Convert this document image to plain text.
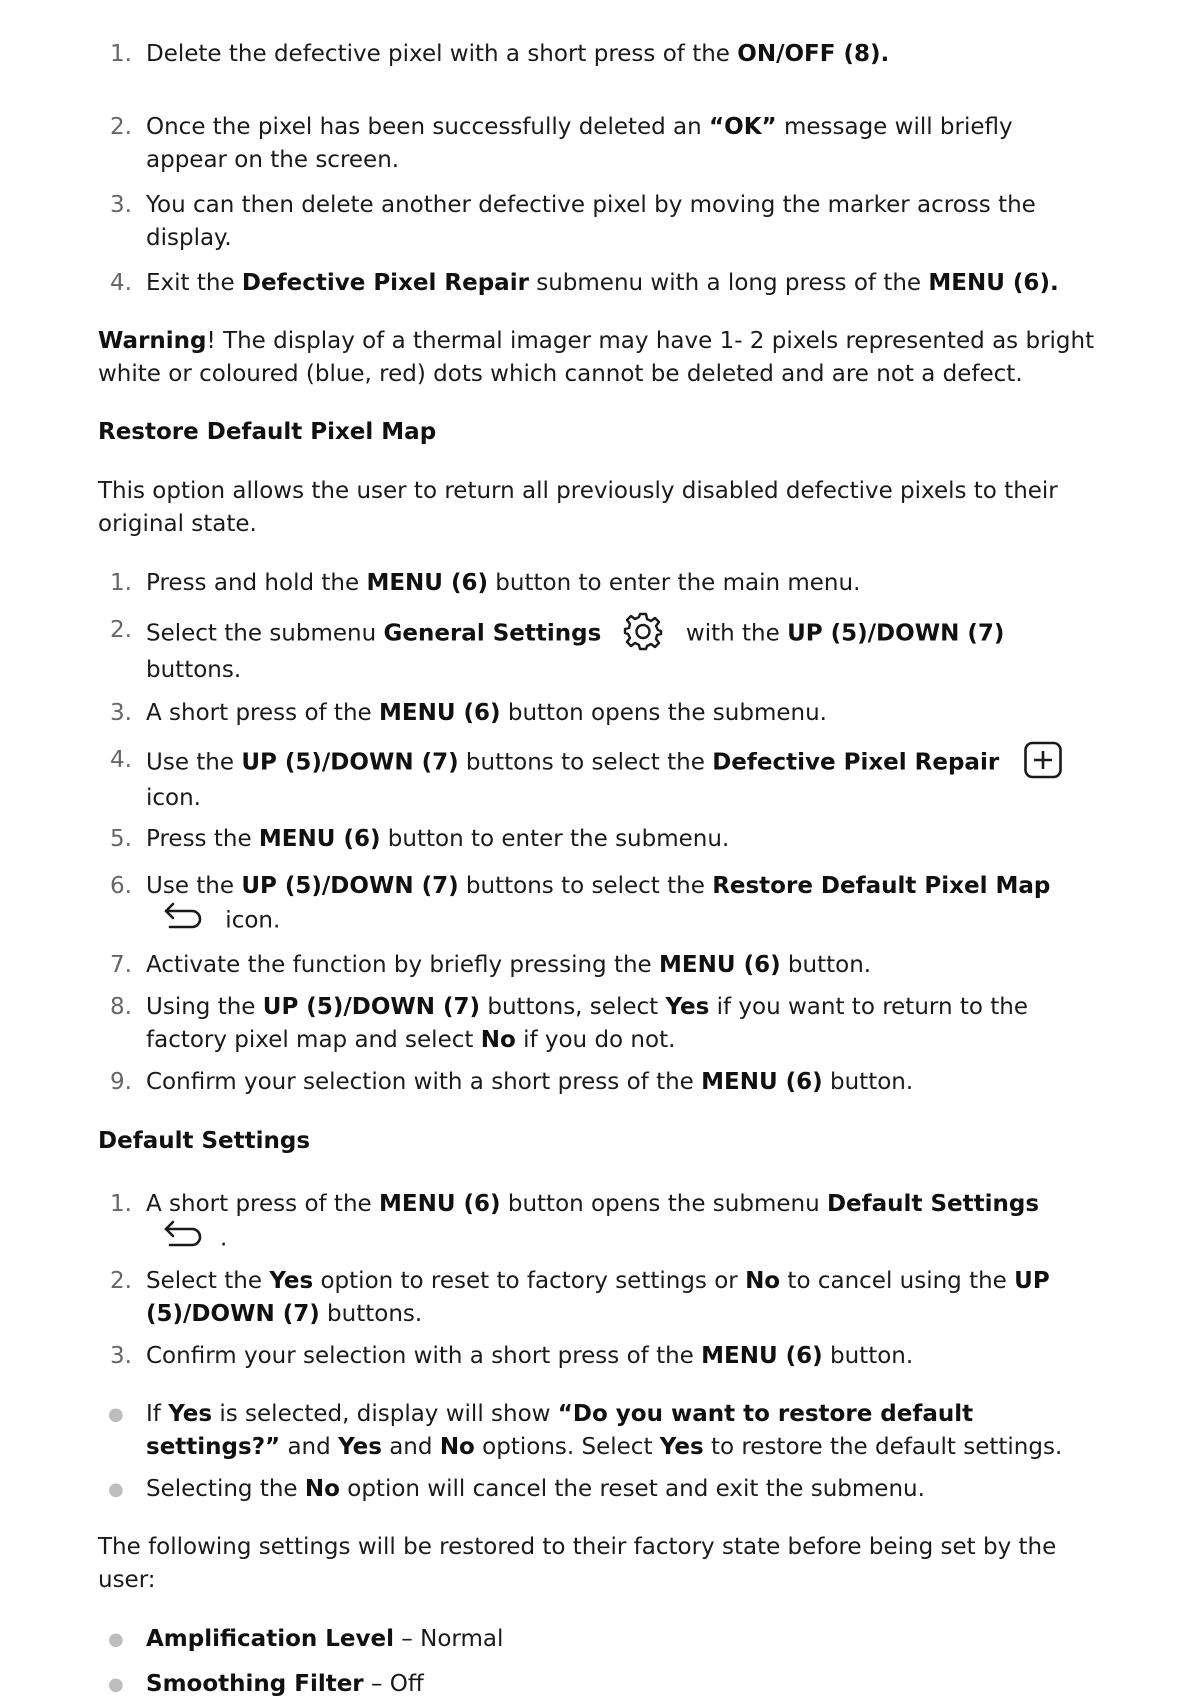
1. Delete the defective pixel with a short press of the ON/OFF (8).
2. Once the pixel has been successfully deleted an “OK” message will briefly appear on the screen.
3. You can then delete another defective pixel by moving the marker across the display.
4. Exit the Defective Pixel Repair submenu with a long press of the MENU (6).

Warning! The display of a thermal imager may have 1- 2 pixels represented as bright white or coloured (blue, red) dots which cannot be deleted and are not a defect.

Restore Default Pixel Map

This option allows the user to return all previously disabled defective pixels to their original state.

1. Press and hold the MENU (6) button to enter the main menu.
2. Select the submenu General Settings	with the UP (5)/DOWN (7) buttons.
3. A short press of the MENU (6) button opens the submenu.
4. Use the UP (5)/DOWN (7) buttons to select the Defective Pixel Repair
icon.
5. Press the MENU (6) button to enter the submenu.
6. Use the UP (5)/DOWN (7) buttons to select the Restore Default Pixel Map
icon.
7. Activate the function by briefly pressing the MENU (6) button.
8. Using the UP (5)/DOWN (7) buttons, select Yes if you want to return to the factory pixel map and select No if you do not.
9. Confirm your selection with a short press of the MENU (6) button.

Default Settings

1. A short press of the MENU (6) button opens the submenu Default Settings
.
2. Select the Yes option to reset to factory settings or No to cancel using the UP (5)/DOWN (7) buttons.
3. Confirm your selection with a short press of the MENU (6) button.
● If Yes is selected, display will show “Do you want to restore default settings?” and Yes and No options. Select Yes to restore the default settings.
● Selecting the No option will cancel the reset and exit the submenu.

The following settings will be restored to their factory state before being set by the user:

● Amplification Level – Normal
● Smoothing Filter – Off
